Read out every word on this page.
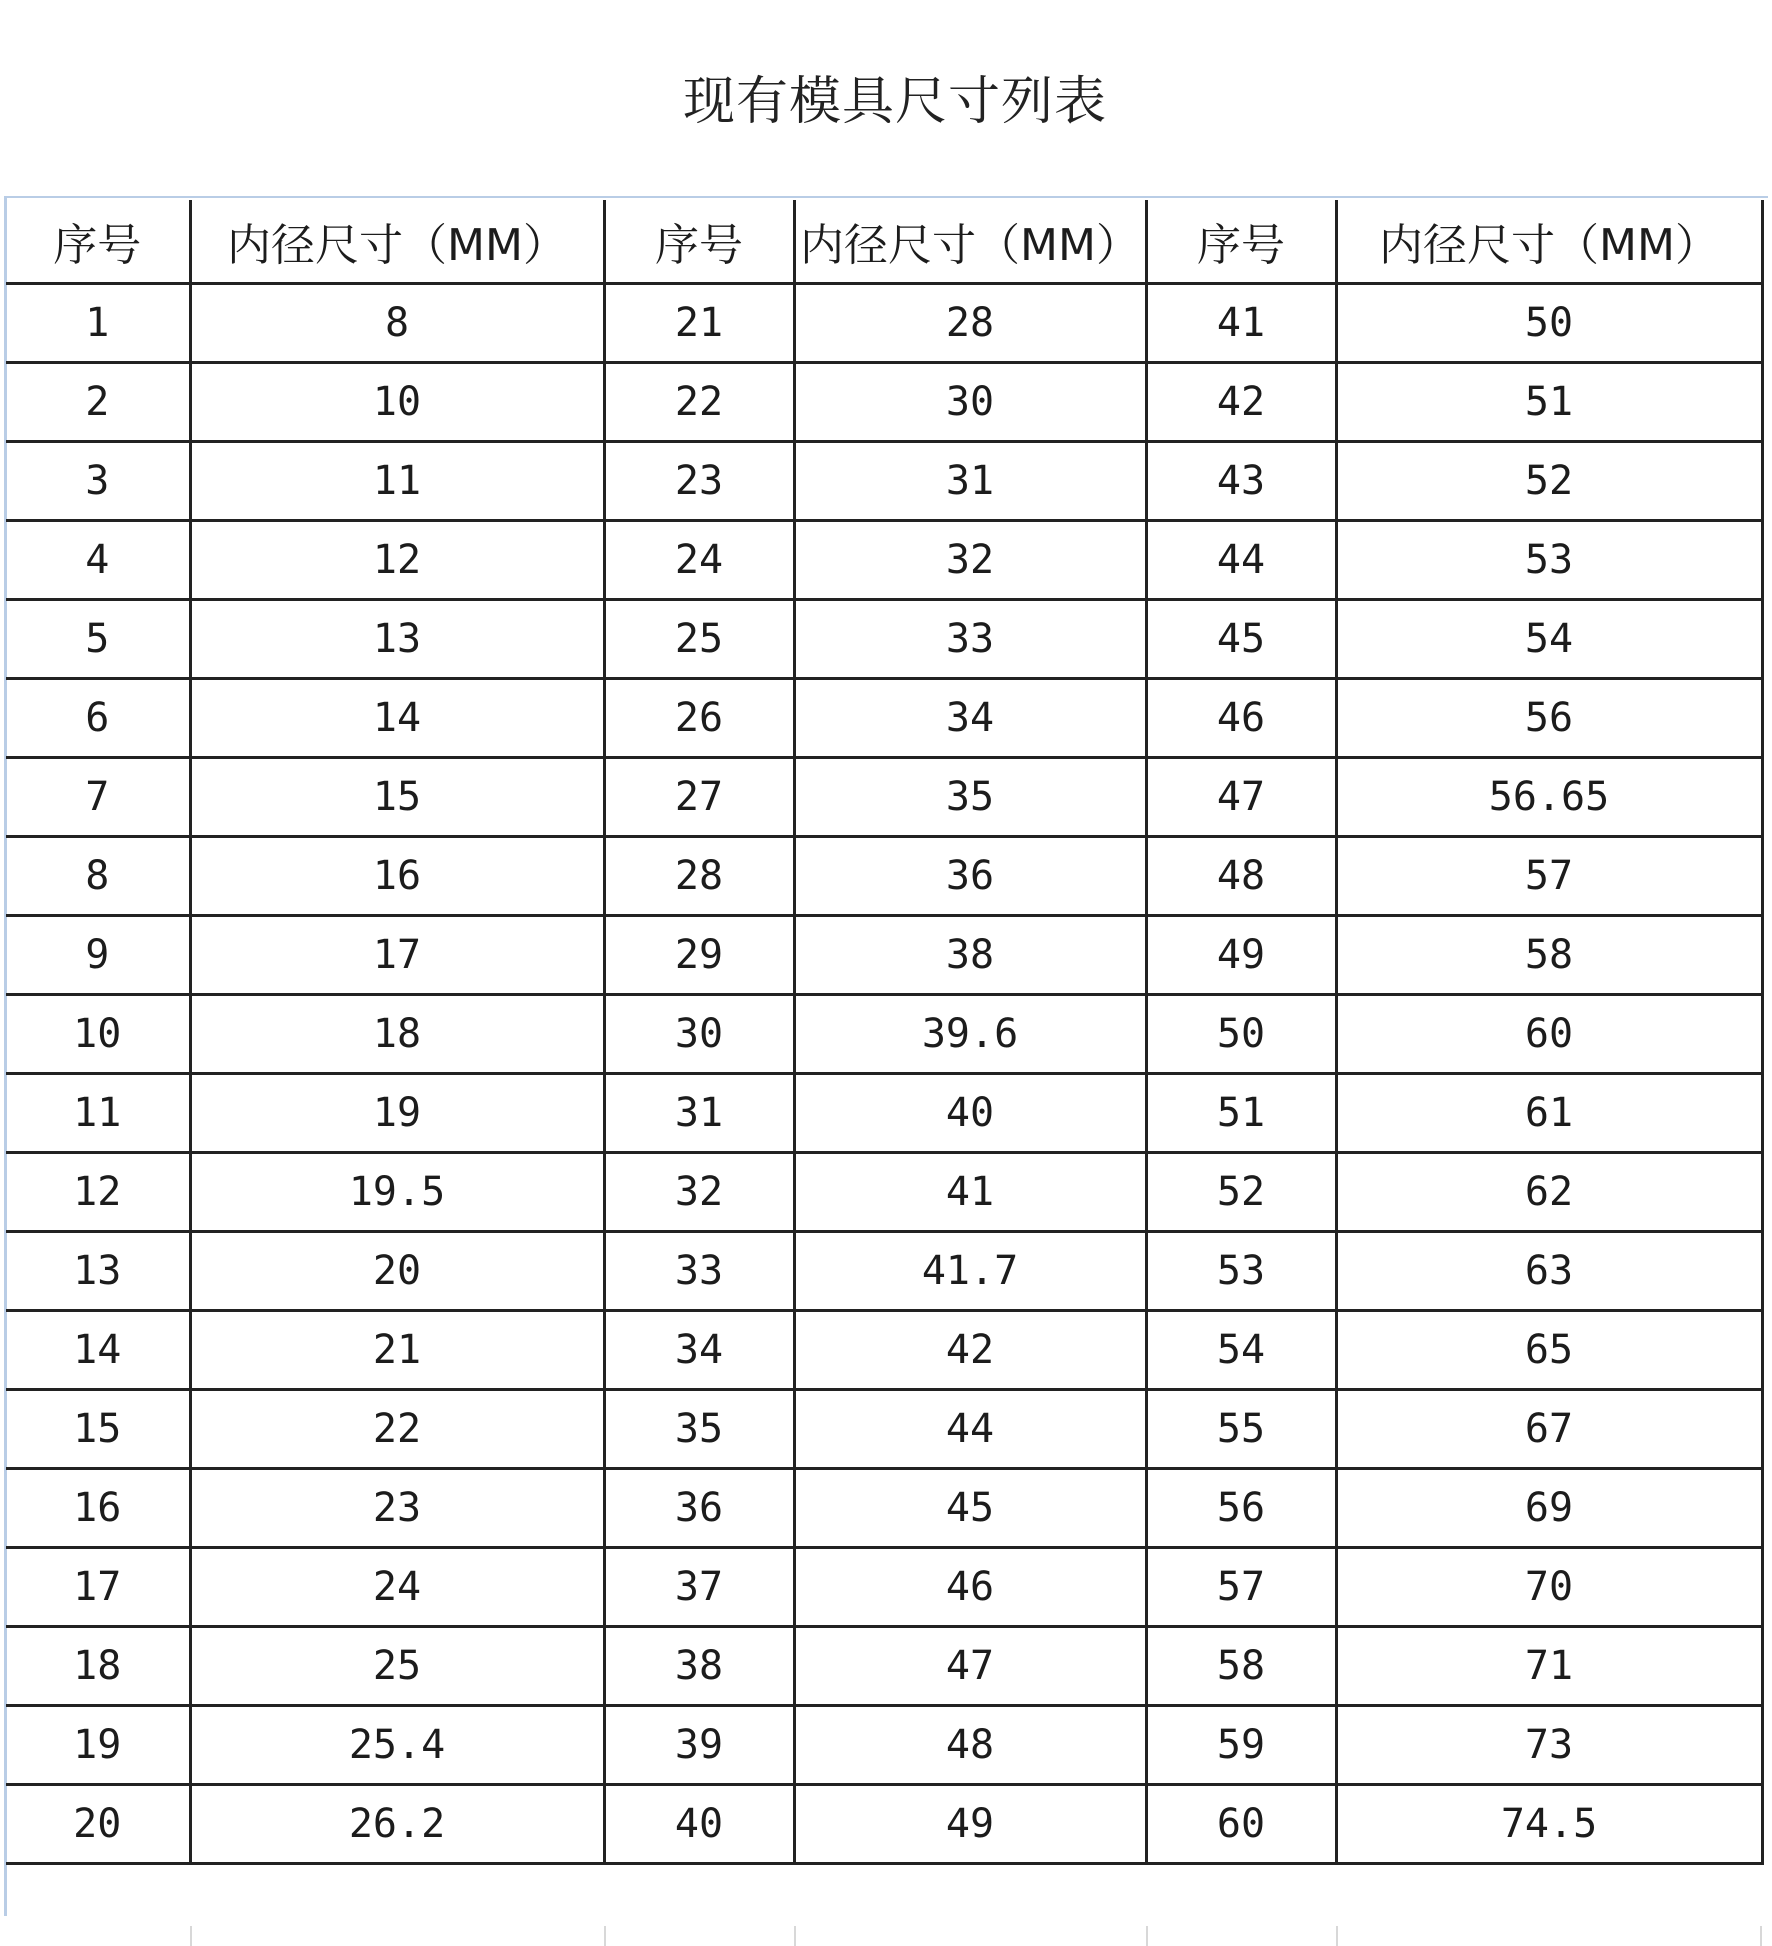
现有模具尺寸列表
序号	内径尺寸（MM）	序号	内径尺寸（MM）	序号	内径尺寸（MM）
1	8	21	28	41	50
2	10	22	30	42	51
3	11	23	31	43	52
4	12	24	32	44	53
5	13	25	33	45	54
6	14	26	34	46	56
7	15	27	35	47	56.65
8	16	28	36	48	57
9	17	29	38	49	58
10	18	30	39.6	50	60
11	19	31	40	51	61
12	19.5	32	41	52	62
13	20	33	41.7	53	63
14	21	34	42	54	65
15	22	35	44	55	67
16	23	36	45	56	69
17	24	37	46	57	70
18	25	38	47	58	71
19	25.4	39	48	59	73
20	26.2	40	49	60	74.5
